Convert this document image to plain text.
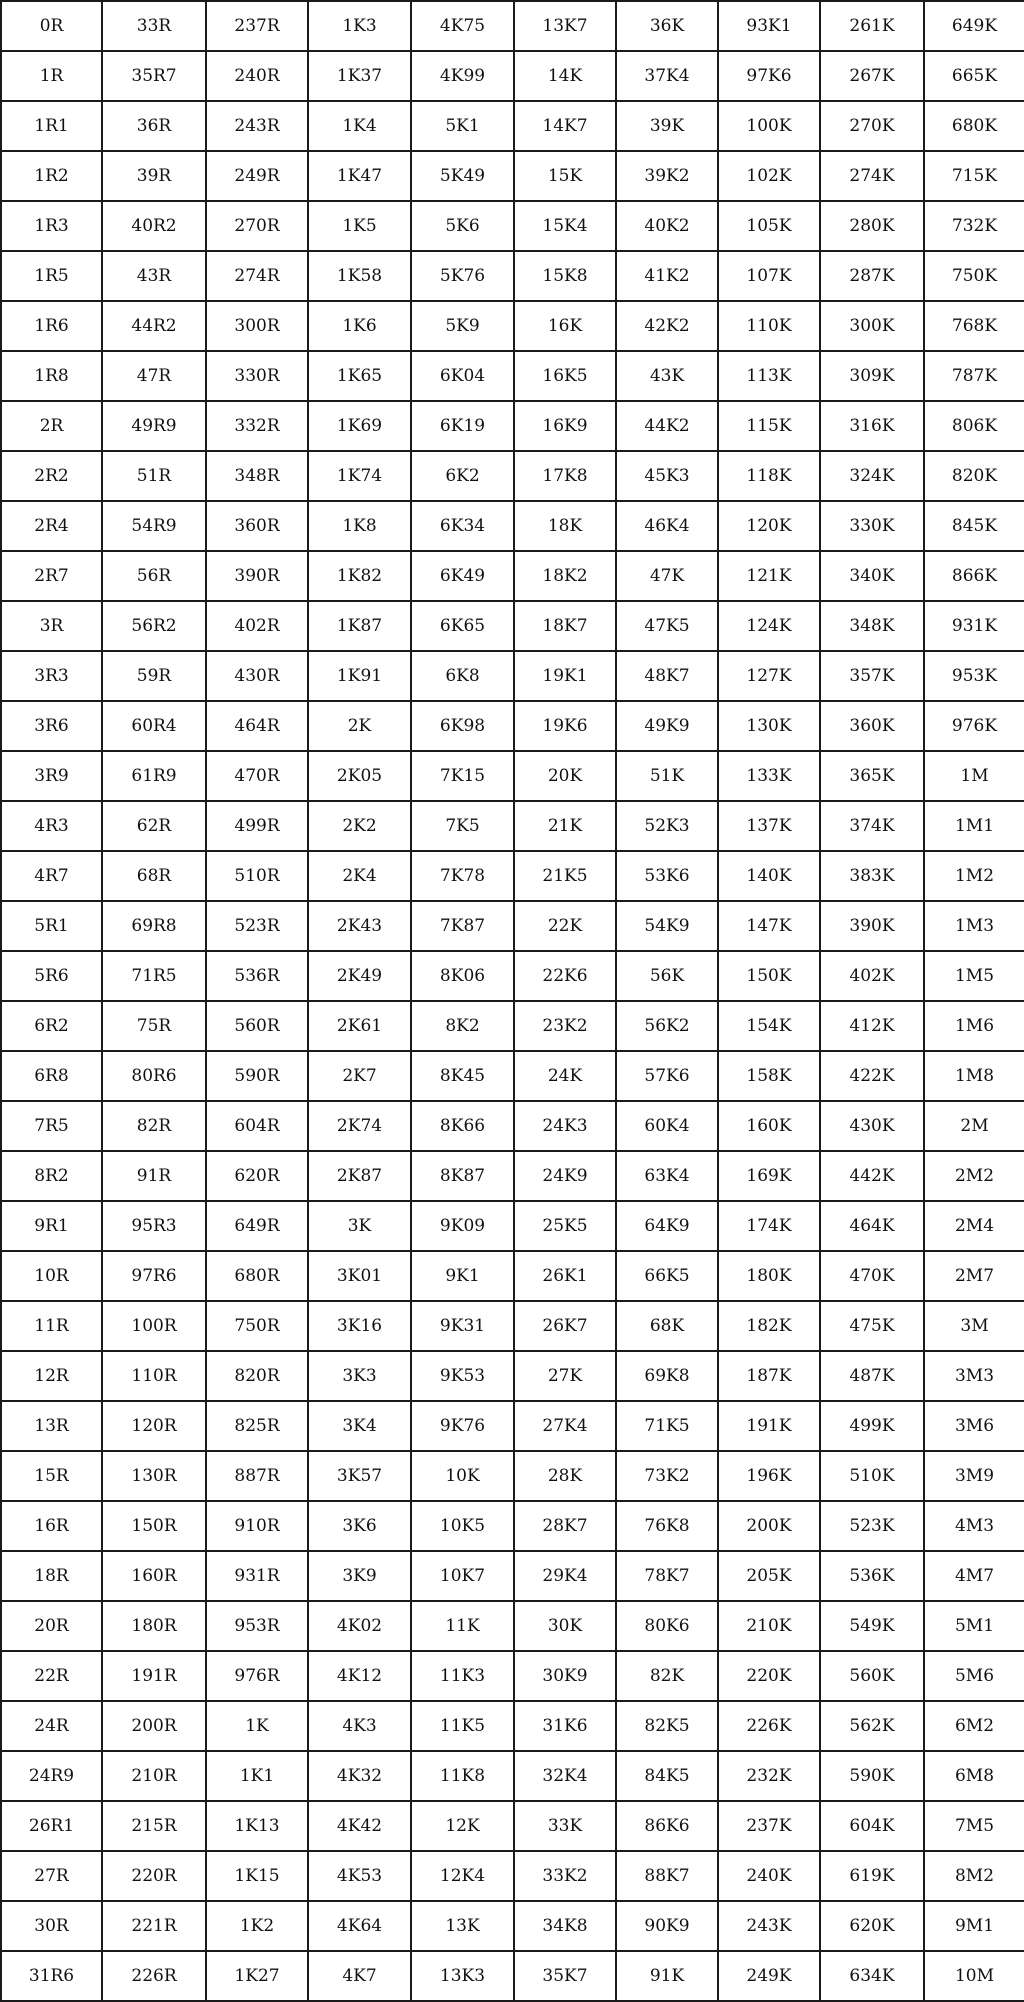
0R	33R	237R	1K3	4K75	13K7	36K	93K1	261K	649K
1R	35R7	240R	1K37	4K99	14K	37K4	97K6	267K	665K
1R1	36R	243R	1K4	5K1	14K7	39K	100K	270K	680K
1R2	39R	249R	1K47	5K49	15K	39K2	102K	274K	715K
1R3	40R2	270R	1K5	5K6	15K4	40K2	105K	280K	732K
1R5	43R	274R	1K58	5K76	15K8	41K2	107K	287K	750K
1R6	44R2	300R	1K6	5K9	16K	42K2	110K	300K	768K
1R8	47R	330R	1K65	6K04	16K5	43K	113K	309K	787K
2R	49R9	332R	1K69	6K19	16K9	44K2	115K	316K	806K
2R2	51R	348R	1K74	6K2	17K8	45K3	118K	324K	820K
2R4	54R9	360R	1K8	6K34	18K	46K4	120K	330K	845K
2R7	56R	390R	1K82	6K49	18K2	47K	121K	340K	866K
3R	56R2	402R	1K87	6K65	18K7	47K5	124K	348K	931K
3R3	59R	430R	1K91	6K8	19K1	48K7	127K	357K	953K
3R6	60R4	464R	2K	6K98	19K6	49K9	130K	360K	976K
3R9	61R9	470R	2K05	7K15	20K	51K	133K	365K	1M
4R3	62R	499R	2K2	7K5	21K	52K3	137K	374K	1M1
4R7	68R	510R	2K4	7K78	21K5	53K6	140K	383K	1M2
5R1	69R8	523R	2K43	7K87	22K	54K9	147K	390K	1M3
5R6	71R5	536R	2K49	8K06	22K6	56K	150K	402K	1M5
6R2	75R	560R	2K61	8K2	23K2	56K2	154K	412K	1M6
6R8	80R6	590R	2K7	8K45	24K	57K6	158K	422K	1M8
7R5	82R	604R	2K74	8K66	24K3	60K4	160K	430K	2M
8R2	91R	620R	2K87	8K87	24K9	63K4	169K	442K	2M2
9R1	95R3	649R	3K	9K09	25K5	64K9	174K	464K	2M4
10R	97R6	680R	3K01	9K1	26K1	66K5	180K	470K	2M7
11R	100R	750R	3K16	9K31	26K7	68K	182K	475K	3M
12R	110R	820R	3K3	9K53	27K	69K8	187K	487K	3M3
13R	120R	825R	3K4	9K76	27K4	71K5	191K	499K	3M6
15R	130R	887R	3K57	10K	28K	73K2	196K	510K	3M9
16R	150R	910R	3K6	10K5	28K7	76K8	200K	523K	4M3
18R	160R	931R	3K9	10K7	29K4	78K7	205K	536K	4M7
20R	180R	953R	4K02	11K	30K	80K6	210K	549K	5M1
22R	191R	976R	4K12	11K3	30K9	82K	220K	560K	5M6
24R	200R	1K	4K3	11K5	31K6	82K5	226K	562K	6M2
24R9	210R	1K1	4K32	11K8	32K4	84K5	232K	590K	6M8
26R1	215R	1K13	4K42	12K	33K	86K6	237K	604K	7M5
27R	220R	1K15	4K53	12K4	33K2	88K7	240K	619K	8M2
30R	221R	1K2	4K64	13K	34K8	90K9	243K	620K	9M1
31R6	226R	1K27	4K7	13K3	35K7	91K	249K	634K	10M
